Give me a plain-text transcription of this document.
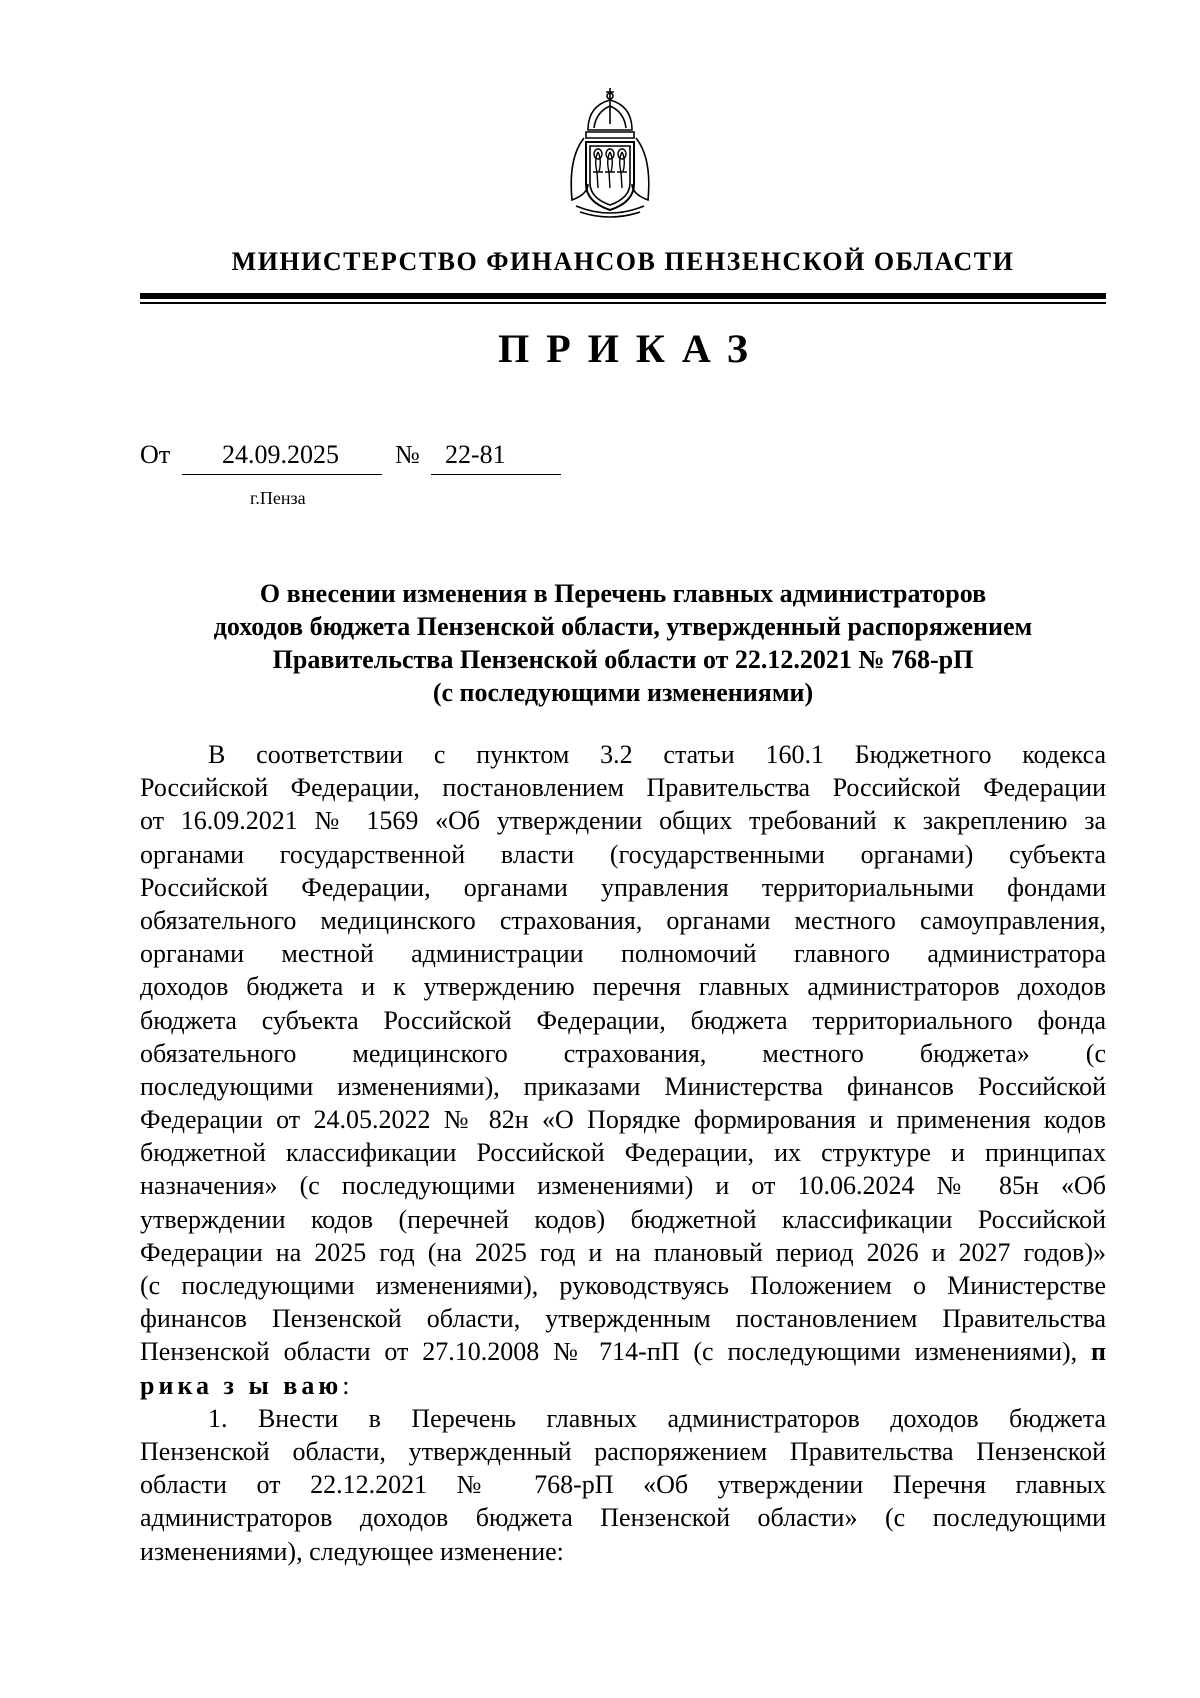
МИНИСТЕРСТВО ФИНАНСОВ ПЕНЗЕНСКОЙ ОБЛАСТИ
ПРИКАЗ
От 24.09.2025 № 22-81
г.Пенза
О внесении изменения в Перечень главных администраторов
доходов бюджета Пензенской области, утвержденный распоряжением
Правительства Пензенской области от 22.12.2021 № 768-рП
(с последующими изменениями)
В соответствии с пунктом 3.2 статьи 160.1 Бюджетного кодекса
Российской Федерации, постановлением Правительства Российской Федерации
от 16.09.2021 № 1569 «Об утверждении общих требований к закреплению за
органами государственной власти (государственными органами) субъекта
Российской Федерации, органами управления территориальными фондами
обязательного медицинского страхования, органами местного самоуправления,
органами местной администрации полномочий главного администратора
доходов бюджета и к утверждению перечня главных администраторов доходов
бюджета субъекта Российской Федерации, бюджета территориального фонда
обязательного медицинского страхования, местного бюджета» (с
последующими изменениями), приказами Министерства финансов Российской
Федерации от 24.05.2022 № 82н «О Порядке формирования и применения кодов
бюджетной классификации Российской Федерации, их структуре и принципах
назначения» (с последующими изменениями) и от 10.06.2024 № 85н «Об
утверждении кодов (перечней кодов) бюджетной классификации Российской
Федерации на 2025 год (на 2025 год и на плановый период 2026 и 2027 годов)»
(с последующими изменениями), руководствуясь Положением о Министерстве
финансов Пензенской области, утвержденным постановлением Правительства
Пензенской области от 27.10.2008 № 714-пП (с последующими изменениями), п
рика з ы ваю:
1. Внести в Перечень главных администраторов доходов бюджета
Пензенской области, утвержденный распоряжением Правительства Пензенской
области от 22.12.2021 № 768-рП «Об утверждении Перечня главных
администраторов доходов бюджета Пензенской области» (с последующими
изменениями), следующее изменение:
